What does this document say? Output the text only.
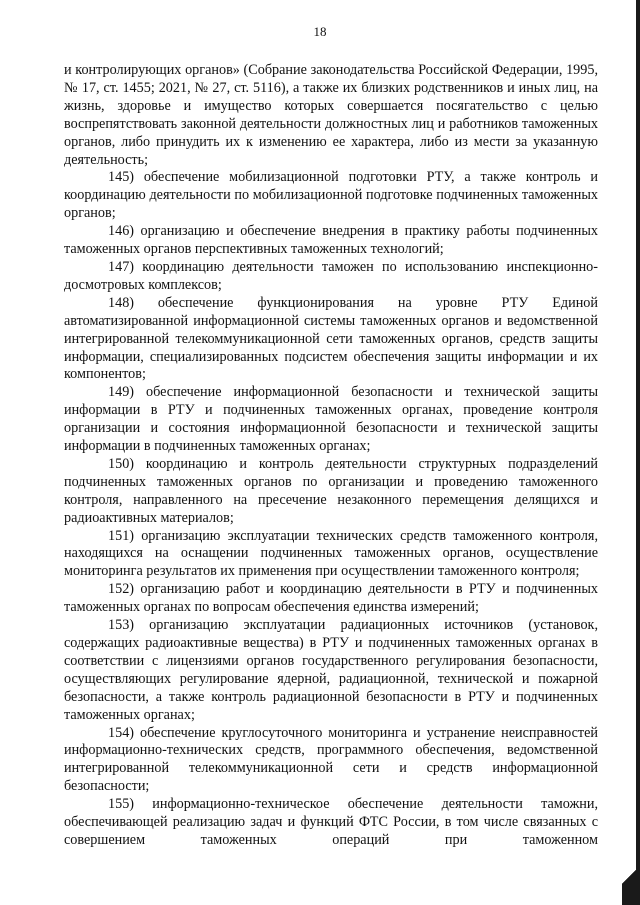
18

и контролирующих органов» (Собрание законодательства Российской Федерации, 1995, № 17, ст. 1455; 2021, № 27, ст. 5116), а также их близких родственников и иных лиц, на жизнь, здоровье и имущество которых совершается посягательство с целью воспрепятствовать законной деятельности должностных лиц и работников таможенных органов, либо принудить их к изменению ее характера, либо из мести за указанную деятельность;

145) обеспечение мобилизационной подготовки РТУ, а также контроль и координацию деятельности по мобилизационной подготовке подчиненных таможенных органов;

146) организацию и обеспечение внедрения в практику работы подчиненных таможенных органов перспективных таможенных технологий;

147) координацию деятельности таможен по использованию инспекционно-досмотровых комплексов;

148) обеспечение функционирования на уровне РТУ Единой автоматизированной информационной системы таможенных органов и ведомственной интегрированной телекоммуникационной сети таможенных органов, средств защиты информации, специализированных подсистем обеспечения защиты информации и их компонентов;

149) обеспечение информационной безопасности и технической защиты информации в РТУ и подчиненных таможенных органах, проведение контроля организации и состояния информационной безопасности и технической защиты информации в подчиненных таможенных органах;

150) координацию и контроль деятельности структурных подразделений подчиненных таможенных органов по организации и проведению таможенного контроля, направленного на пресечение незаконного перемещения делящихся и радиоактивных материалов;

151) организацию эксплуатации технических средств таможенного контроля, находящихся на оснащении подчиненных таможенных органов, осуществление мониторинга результатов их применения при осуществлении таможенного контроля;

152) организацию работ и координацию деятельности в РТУ и подчиненных таможенных органах по вопросам обеспечения единства измерений;

153) организацию эксплуатации радиационных источников (установок, содержащих радиоактивные вещества) в РТУ и подчиненных таможенных органах в соответствии с лицензиями органов государственного регулирования безопасности, осуществляющих регулирование ядерной, радиационной, технической и пожарной безопасности, а также контроль радиационной безопасности в РТУ и подчиненных таможенных органах;

154) обеспечение круглосуточного мониторинга и устранение неисправностей информационно-технических средств, программного обеспечения, ведомственной интегрированной телекоммуникационной сети и средств информационной безопасности;

155) информационно-техническое обеспечение деятельности таможни, обеспечивающей реализацию задач и функций ФТС России, в том числе связанных с совершением таможенных операций при таможенном
